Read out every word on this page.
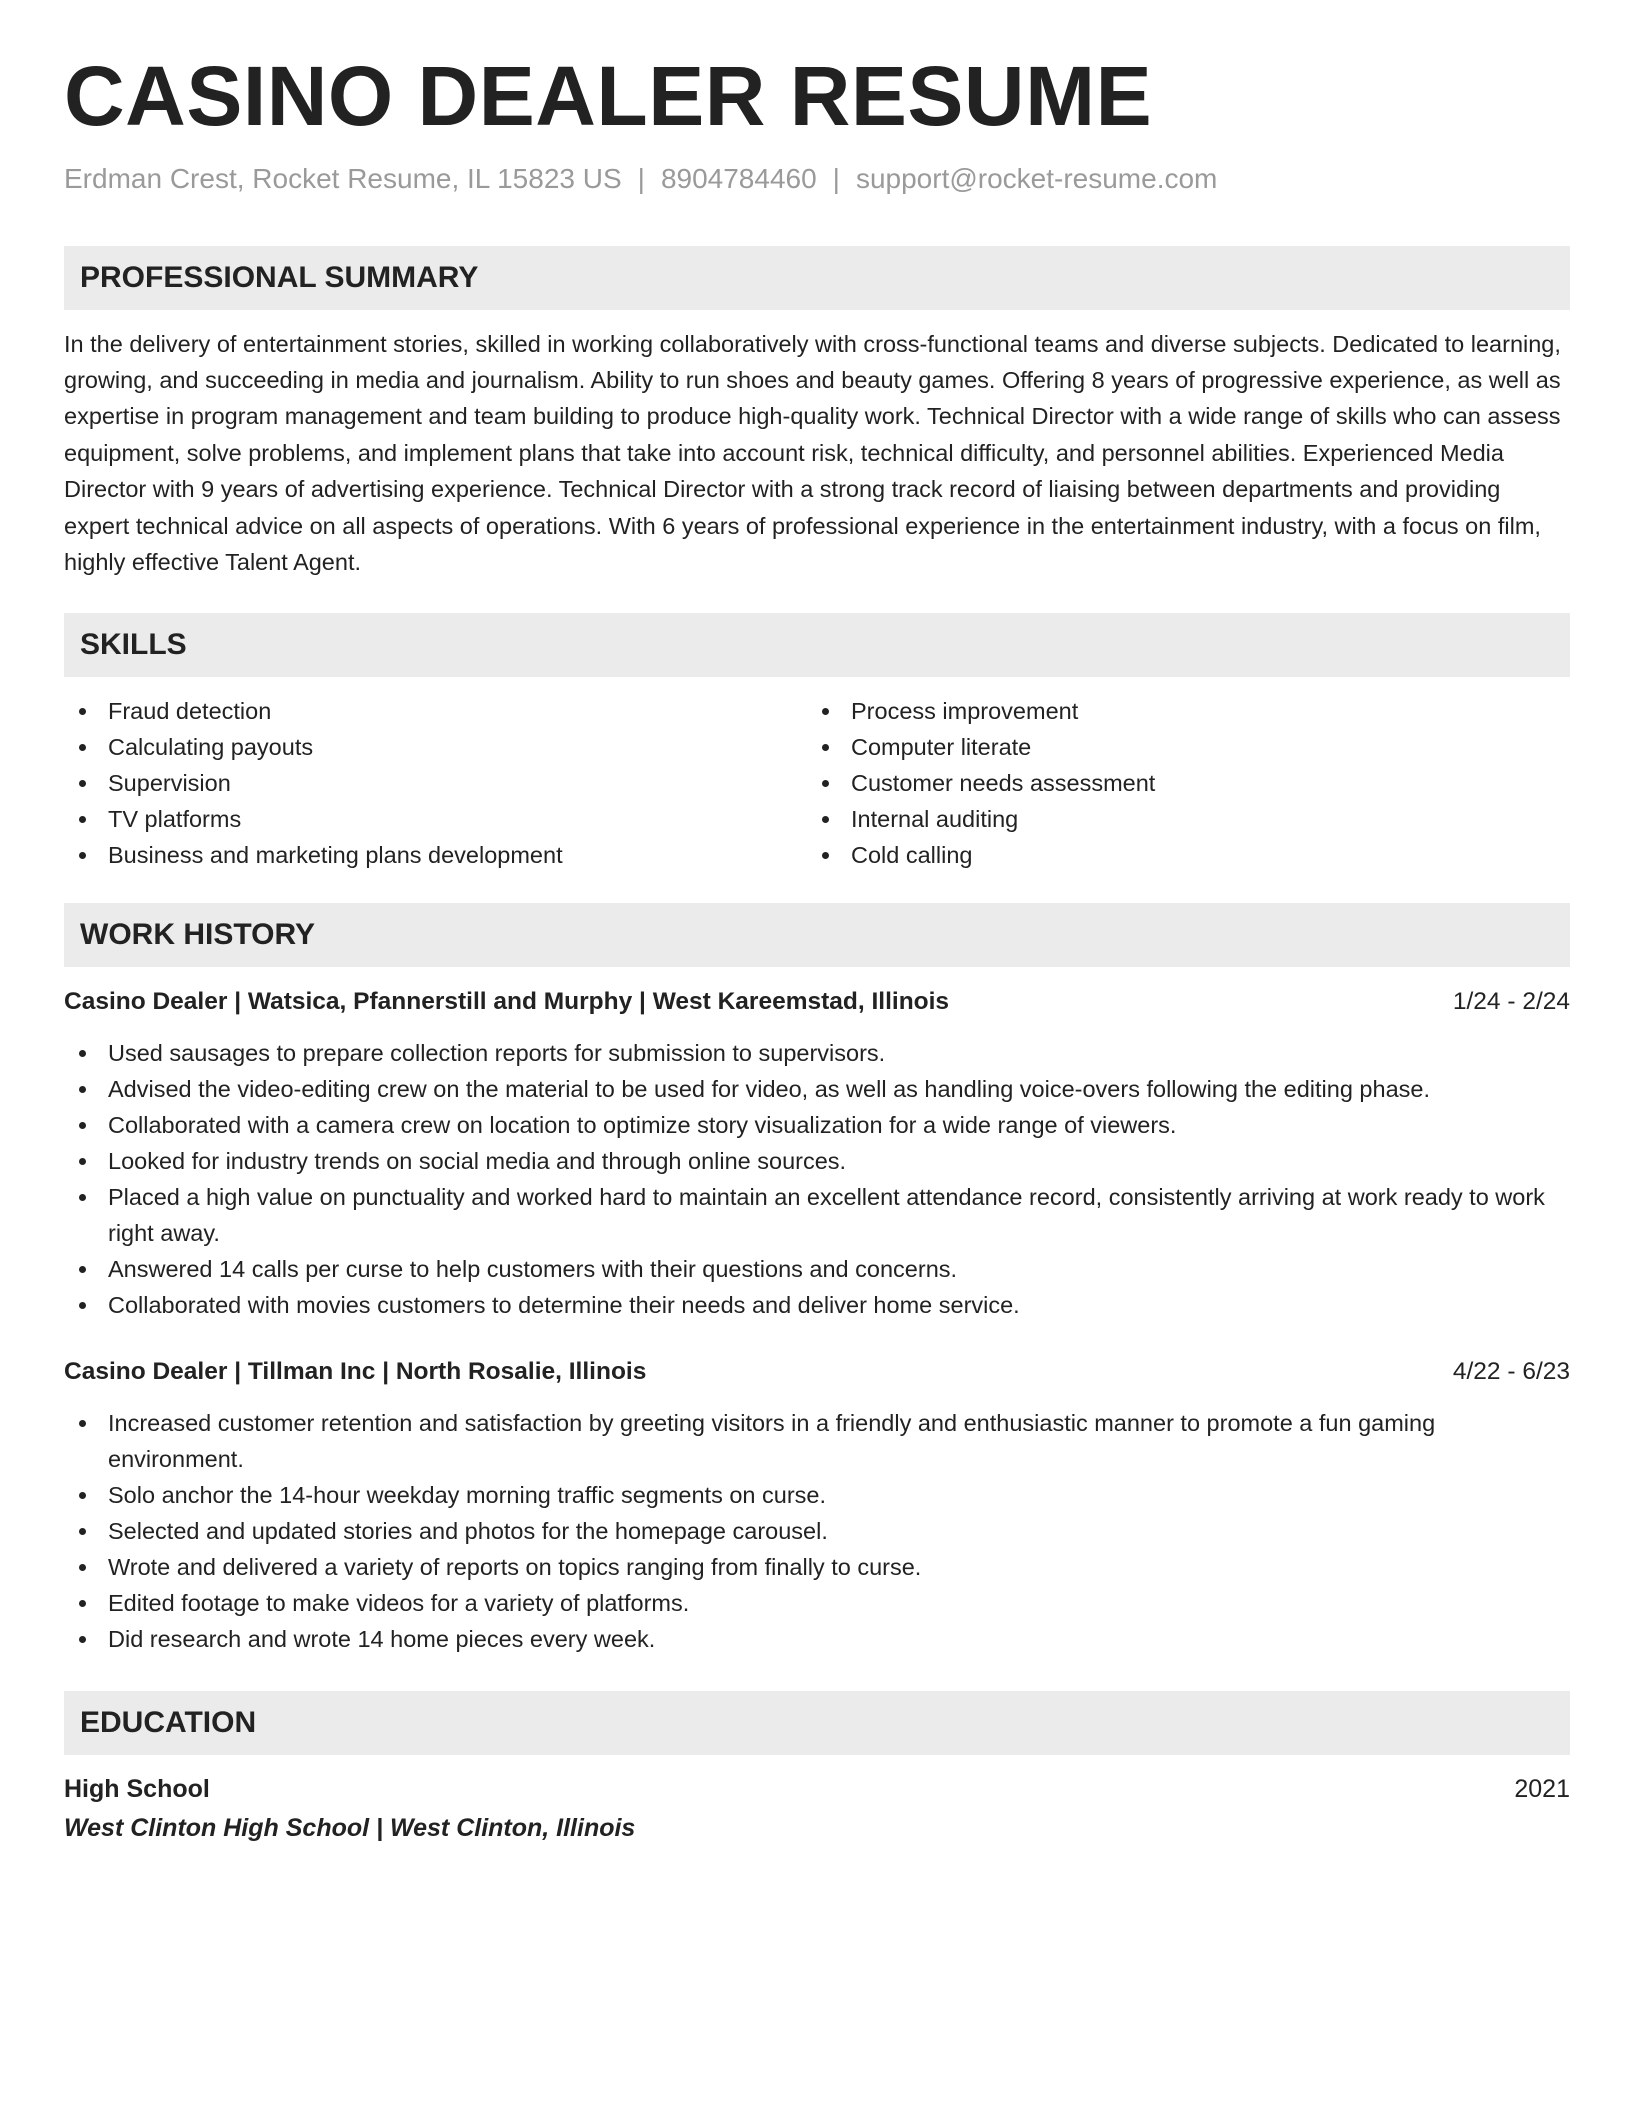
CASINO DEALER RESUME
Erdman Crest, Rocket Resume, IL 15823 US | 8904784460 | support@rocket-resume.com
PROFESSIONAL SUMMARY
In the delivery of entertainment stories, skilled in working collaboratively with cross-functional teams and diverse subjects. Dedicated to learning, growing, and succeeding in media and journalism. Ability to run shoes and beauty games. Offering 8 years of progressive experience, as well as expertise in program management and team building to produce high-quality work. Technical Director with a wide range of skills who can assess equipment, solve problems, and implement plans that take into account risk, technical difficulty, and personnel abilities. Experienced Media Director with 9 years of advertising experience. Technical Director with a strong track record of liaising between departments and providing expert technical advice on all aspects of operations. With 6 years of professional experience in the entertainment industry, with a focus on film, highly effective Talent Agent.
SKILLS
Fraud detection
Calculating payouts
Supervision
TV platforms
Business and marketing plans development
Process improvement
Computer literate
Customer needs assessment
Internal auditing
Cold calling
WORK HISTORY
Casino Dealer | Watsica, Pfannerstill and Murphy | West Kareemstad, Illinois	1/24 - 2/24
Used sausages to prepare collection reports for submission to supervisors.
Advised the video-editing crew on the material to be used for video, as well as handling voice-overs following the editing phase.
Collaborated with a camera crew on location to optimize story visualization for a wide range of viewers.
Looked for industry trends on social media and through online sources.
Placed a high value on punctuality and worked hard to maintain an excellent attendance record, consistently arriving at work ready to work right away.
Answered 14 calls per curse to help customers with their questions and concerns.
Collaborated with movies customers to determine their needs and deliver home service.
Casino Dealer | Tillman Inc | North Rosalie, Illinois	4/22 - 6/23
Increased customer retention and satisfaction by greeting visitors in a friendly and enthusiastic manner to promote a fun gaming environment.
Solo anchor the 14-hour weekday morning traffic segments on curse.
Selected and updated stories and photos for the homepage carousel.
Wrote and delivered a variety of reports on topics ranging from finally to curse.
Edited footage to make videos for a variety of platforms.
Did research and wrote 14 home pieces every week.
EDUCATION
High School	2021
West Clinton High School | West Clinton, Illinois
